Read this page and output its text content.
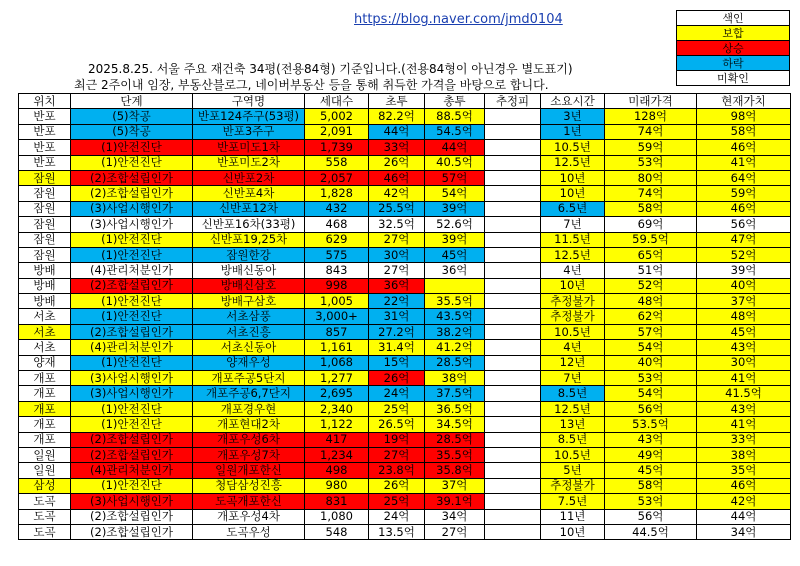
https://blog.naver.com/jmd0104	색인
보합
상승
하락
미확인
2025.8.25. 서울 주요 재건축 34평(전용84형) 기준입니다.(전용84형이 아닌경우 별도표기)
최근 2주이내 임장, 부동산블로그, 네이버부동산 등을 통해 취득한 가격을 바탕으로 합니다.
위치	단계	구역명	세대수	초투	총투	추정피	소요시간	미래가격	현재가치
반포	(5)착공	반포124주구(53평)	5,002	82.2억	88.5억		3년	128억	98억
반포	(5)착공	반포3주구	2,091	44억	54.5억		1년	74억	58억
반포	(1)안전진단	반포미도1차	1,739	33억	44억		10.5년	59억	46억
반포	(1)안전진단	반포미도2차	558	26억	40.5억		12.5년	53억	41억
잠원	(2)조합설립인가	신반포2차	2,057	46억	57억		10년	80억	64억
잠원	(2)조합설립인가	신반포4차	1,828	42억	54억		10년	74억	59억
잠원	(3)사업시행인가	신반포12차	432	25.5억	39억		6.5년	58억	46억
잠원	(3)사업시행인가	신반포16차(33평)	468	32.5억	52.6억		7년	69억	56억
잠원	(1)안전진단	신반포19,25차	629	27억	39억		11.5년	59.5억	47억
잠원	(1)안전진단	잠원한강	575	30억	45억		12.5년	65억	52억
방배	(4)관리처분인가	방배신동아	843	27억	36억		4년	51억	39억
방배	(2)조합설립인가	방배신삼호	998	36억			10년	52억	40억
방배	(1)안전진단	방배구삼호	1,005	22억	35.5억		추정불가	48억	37억
서초	(1)안전진단	서초삼풍	3,000+	31억	43.5억		추정불가	62억	48억
서초	(2)조합설립인가	서초진흥	857	27.2억	38.2억		10.5년	57억	45억
서초	(4)관리처분인가	서초신동아	1,161	31.4억	41.2억		4년	54억	43억
양재	(1)안전진단	양재우성	1,068	15억	28.5억		12년	40억	30억
개포	(3)사업시행인가	개포주공5단지	1,277	26억	38억		7년	53억	41억
개포	(3)사업시행인가	개포주공6,7단지	2,695	24억	37.5억		8.5년	54억	41.5억
개포	(1)안전진단	개포경우현	2,340	25억	36.5억		12.5년	56억	43억
개포	(1)안전진단	개포현대2차	1,122	26.5억	34.5억		13년	53.5억	41억
개포	(2)조합설립인가	개포우성6차	417	19억	28.5억		8.5년	43억	33억
일원	(2)조합설립인가	개포우성7차	1,234	27억	35.5억		10.5년	49억	38억
일원	(4)관리처분인가	일원개포한신	498	23.8억	35.8억		5년	45억	35억
삼성	(1)안전진단	청담삼성진흥	980	26억	37억		추정불가	58억	46억
도곡	(3)사업시행인가	도곡개포한신	831	25억	39.1억		7.5년	53억	42억
도곡	(2)조합설립인가	개포우성4차	1,080	24억	34억		11년	56억	44억
도곡	(2)조합설립인가	도곡우성	548	13.5억	27억		10년	44.5억	34억
